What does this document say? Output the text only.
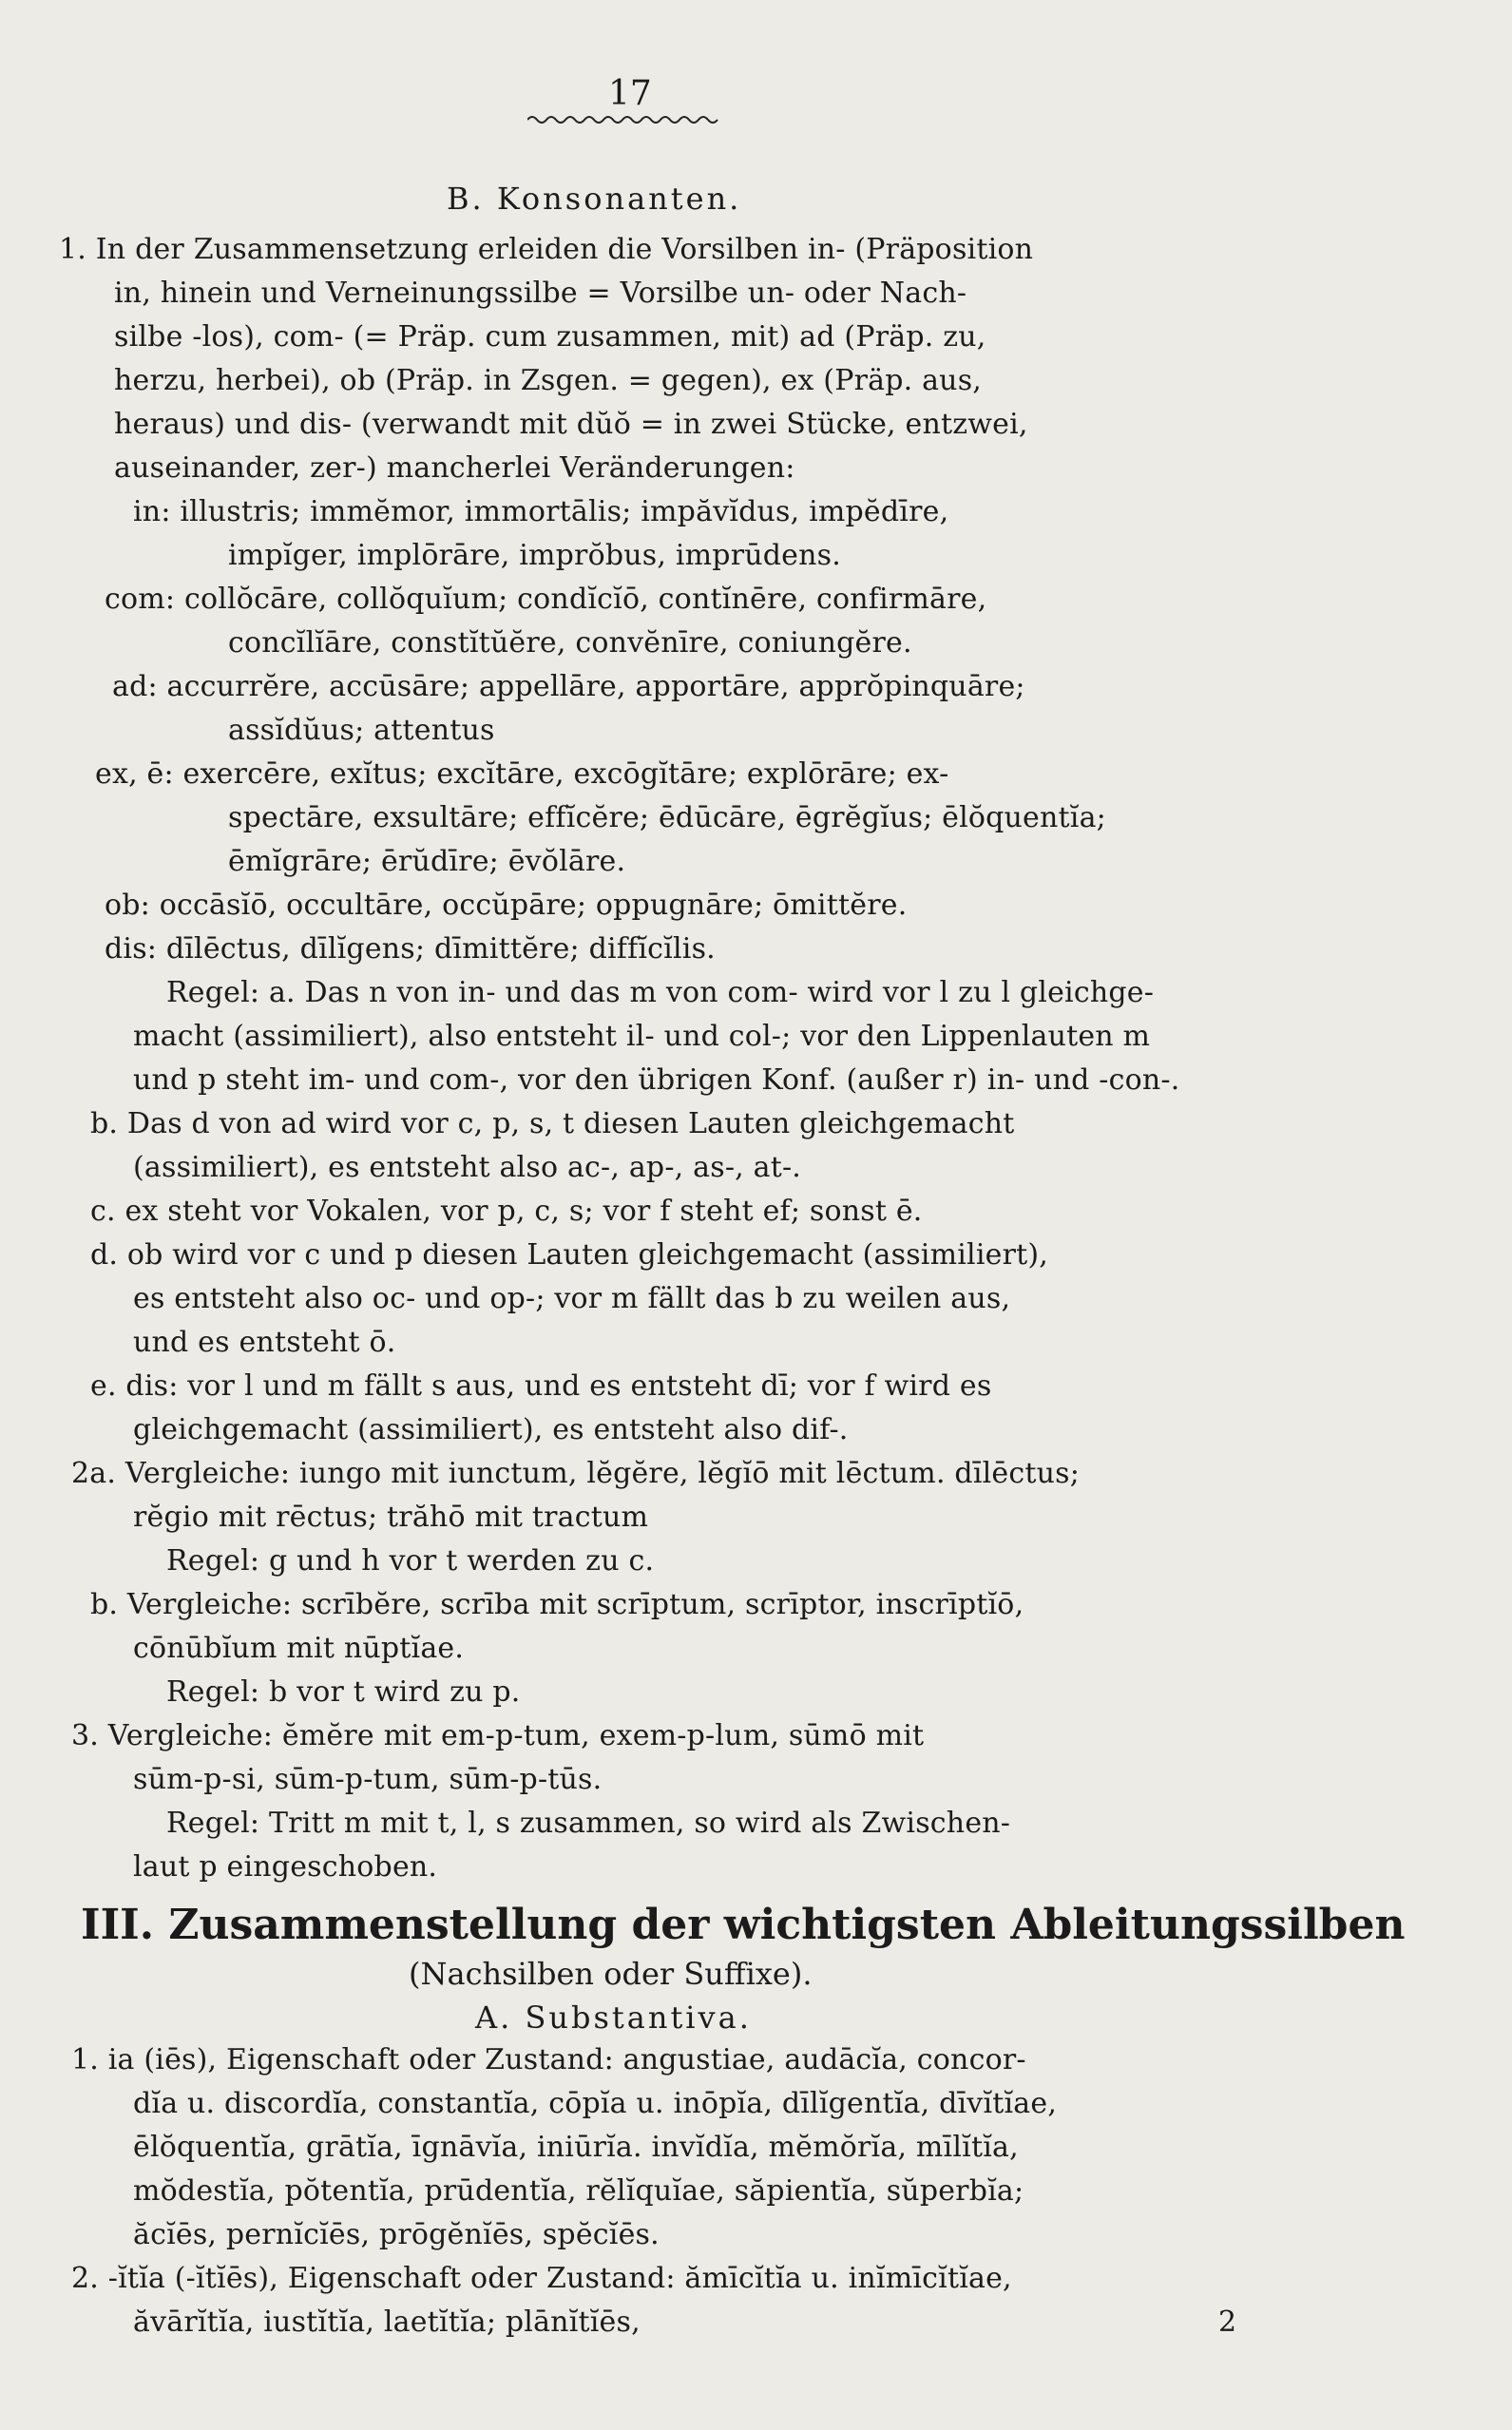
17
B. Konsonanten.
1. In der Zusammensetzung erleiden die Vorsilben in- (Präposition
in, hinein und Verneinungssilbe = Vorsilbe un- oder Nach-
silbe -los), com- (= Präp. cum zusammen, mit) ad (Präp. zu,
herzu, herbei), ob (Präp. in Zsgen. = gegen), ex (Präp. aus,
heraus) und dis- (verwandt mit dŭŏ = in zwei Stücke, entzwei,
auseinander, zer-) mancherlei Veränderungen:
in: illustris; immĕmor, immortālis; impăvĭdus, impĕdīre,
impĭger, implōrāre, imprŏbus, imprūdens.
com: collŏcāre, collŏquĭum; condĭcĭō, contĭnēre, confirmāre,
concĭlĭāre, constĭtŭĕre, convĕnīre, coniungĕre.
ad: accurrĕre, accūsāre; appellāre, apportāre, apprŏpinquāre;
assĭdŭus; attentus
ex, ē: exercēre, exĭtus; excĭtāre, excōgĭtāre; explōrāre; ex-
spectāre, exsultāre; effĭcĕre; ēdūcāre, ēgrĕgĭus; ēlŏquentĭa;
ēmĭgrāre; ērŭdīre; ēvŏlāre.
ob: occāsĭō, occultāre, occŭpāre; oppugnāre; ōmittĕre.
dis: dīlēctus, dīlĭgens; dīmittĕre; diffĭcĭlis.
Regel: a. Das n von in- und das m von com- wird vor l zu l gleichge-
macht (assimiliert), also entsteht il- und col-; vor den Lippenlauten m
und p steht im- und com-, vor den übrigen Konf. (außer r) in- und -con-.
b. Das d von ad wird vor c, p, s, t diesen Lauten gleichgemacht
(assimiliert), es entsteht also ac-, ap-, as-, at-.
c. ex steht vor Vokalen, vor p, c, s; vor f steht ef; sonst ē.
d. ob wird vor c und p diesen Lauten gleichgemacht (assimiliert),
es entsteht also oc- und op-; vor m fällt das b zu weilen aus,
und es entsteht ō.
e. dis: vor l und m fällt s aus, und es entsteht dī; vor f wird es
gleichgemacht (assimiliert), es entsteht also dif-.
2a. Vergleiche: iungo mit iunctum, lĕgĕre, lĕgĭō mit lēctum. dīlēctus;
rĕgio mit rēctus; trăhō mit tractum
Regel: g und h vor t werden zu c.
b. Vergleiche: scrībĕre, scrība mit scrīptum, scrīptor, inscrīptĭō,
cōnūbĭum mit nūptĭae.
Regel: b vor t wird zu p.
3. Vergleiche: ĕmĕre mit em-p-tum, exem-p-lum, sūmō mit
sūm-p-si, sūm-p-tum, sūm-p-tūs.
Regel: Tritt m mit t, l, s zusammen, so wird als Zwischen-
laut p eingeschoben.
III. Zusammenstellung der wichtigsten Ableitungssilben
(Nachsilben oder Suffixe).
A. Substantiva.
1. ia (iēs), Eigenschaft oder Zustand: angustiae, audācĭa, concor-
dĭa u. discordĭa, constantĭa, cōpĭa u. inōpĭa, dīlĭgentĭa, dīvĭtĭae,
ēlŏquentĭa, grātĭa, īgnāvĭa, iniūrĭa. invĭdĭa, mĕmŏrĭa, mīlĭtĭa,
mŏdestĭa, pŏtentĭa, prūdentĭa, rĕlĭquĭae, săpientĭa, sŭperbĭa;
ăcĭēs, pernĭcĭēs, prōgĕnĭēs, spĕcĭēs.
2. -ĭtĭa (-ĭtĭēs), Eigenschaft oder Zustand: ămīcĭtĭa u. inĭmīcĭtĭae,
ăvārĭtĭa, iustĭtĭa, laetĭtĭa; plānĭtĭēs,	2
